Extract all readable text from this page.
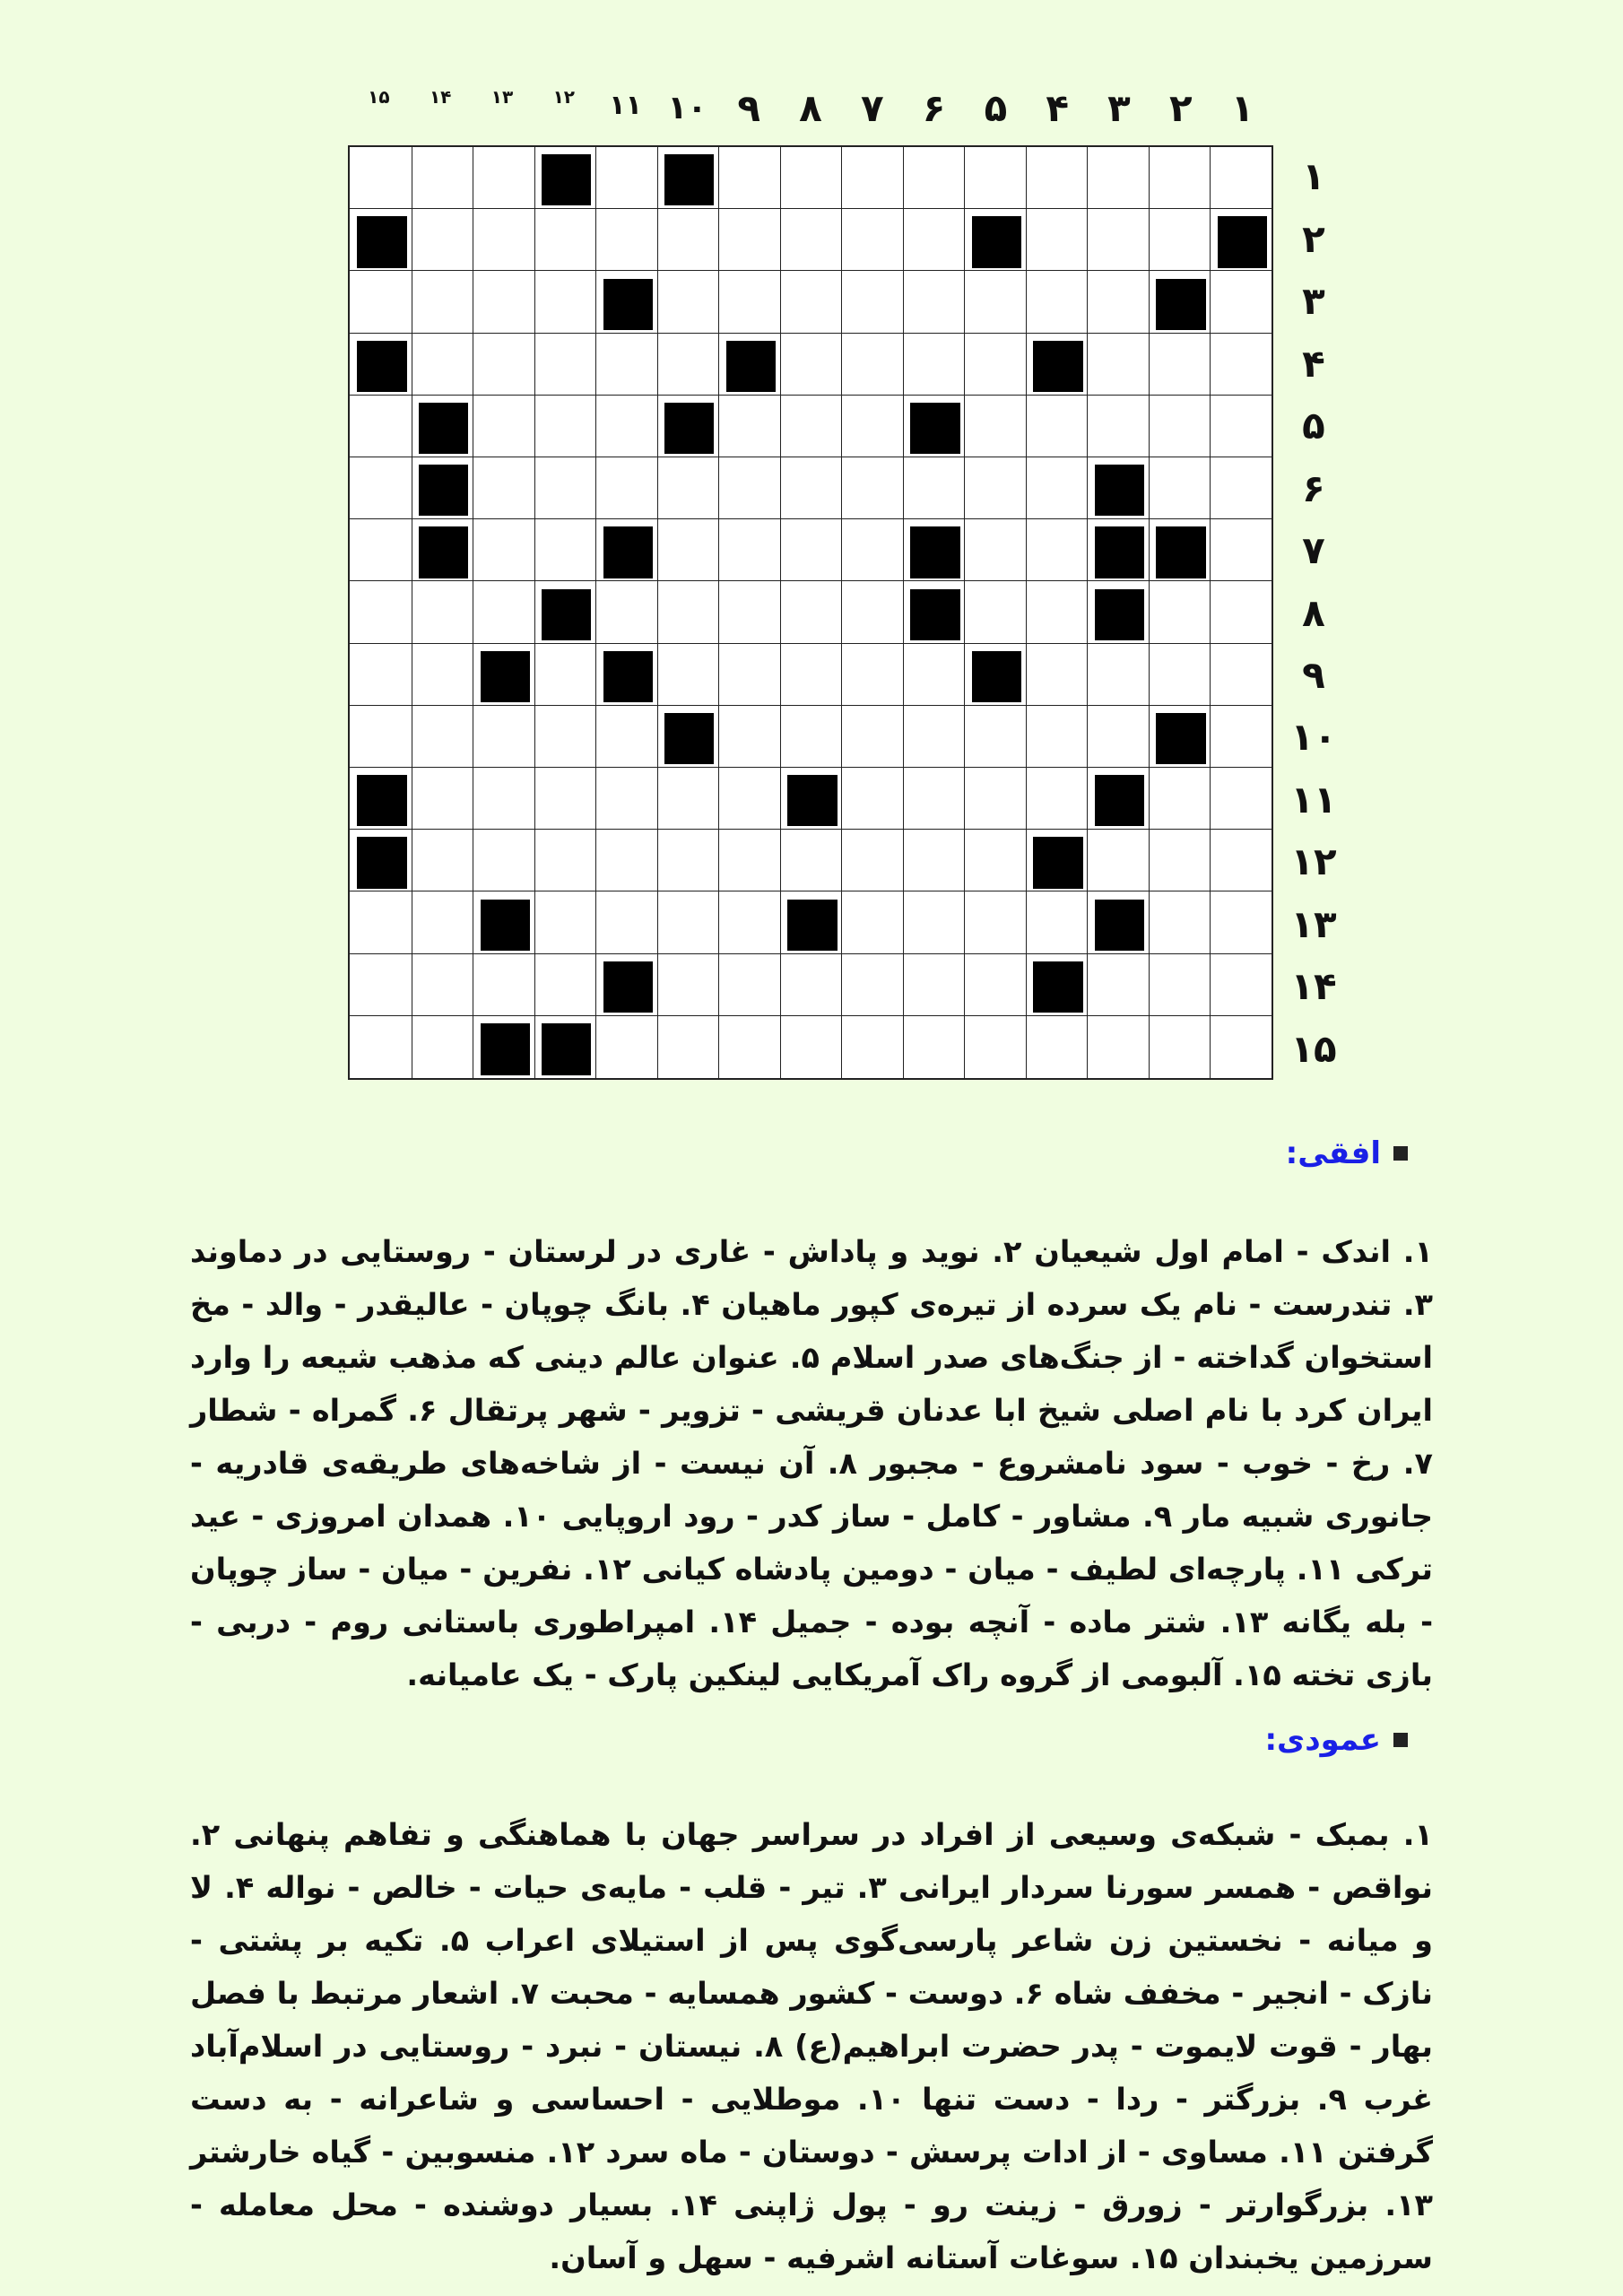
۱
۲
۳
۴
۵
۶
۷
۸
۹
۱۰
۱۱
۱۲
۱۳
۱۴
۱۵
۱
۲
۳
۴
۵
۶
۷
۸
۹
۱۰
۱۱
۱۲
۱۳
۱۴
۱۵
افقی:

۱. اندک - امام اول شیعیان ۲. نوید و پاداش - غاری در لرستان - روستایی در دماوند ۳. تندرست - نام یک سرده از تیره‌ی کپور ماهیان ۴. بانگ چوپان - عالیقدر - والد - مخ استخوان گداخته - از جنگ‌های صدر اسلام ۵. عنوان عالم دینی که مذهب شیعه را وارد ایران کرد با نام اصلی شیخ ابا عدنان قریشی - تزویر - شهر پرتقال ۶. گمراه - شطار ۷. رخ - خوب - سود نامشروع - مجبور ۸. آن نیست - از شاخه‌های طریقه‌ی قادریه - جانوری شبیه مار ۹. مشاور - کامل - ساز کدر - رود اروپایی ۱۰. همدان امروزی - عید ترکی ۱۱. پارچه‌ای لطیف - میان - دومین پادشاه کیانی ۱۲. نفرین - میان - ساز چوپان - بله یگانه ۱۳. شتر ماده - آنچه بوده - جمیل ۱۴. امپراطوری باستانی روم - دربی - بازی تخته ۱۵. آلبومی از گروه راک آمریکایی لینکین پارک - یک عامیانه.

عمودی:

۱. بمبک - شبکه‌ی وسیعی از افراد در سراسر جهان با هماهنگی و تفاهم پنهانی ۲. نواقص - همسر سورنا سردار ایرانی ۳. تیر - قلب - مایه‌ی حیات - خالص - نواله ۴. لا و میانه - نخستین زن شاعر پارسی‌گوی پس از استیلای اعراب ۵. تکیه بر پشتی - نازک - انجیر - مخفف شاه ۶. دوست - کشور همسایه - محبت ۷. اشعار مرتبط با فصل بهار - قوت لایموت - پدر حضرت ابراهیم(ع) ۸. نیستان - نبرد - روستایی در اسلام‌آباد غرب ۹. بزرگتر - ردا - دست تنها ۱۰. موطلایی - احساسی و شاعرانه - به دست گرفتن ۱۱. مساوی - از ادات پرسش - دوستان - ماه سرد ۱۲. منسوبین - گیاه خارشتر ۱۳. بزرگوارتر - زورق - زینت رو - پول ژاپنی ۱۴. بسیار دوشنده - محل معامله - سرزمین یخبندان ۱۵. سوغات آستانه اشرفیه - سهل و آسان.
